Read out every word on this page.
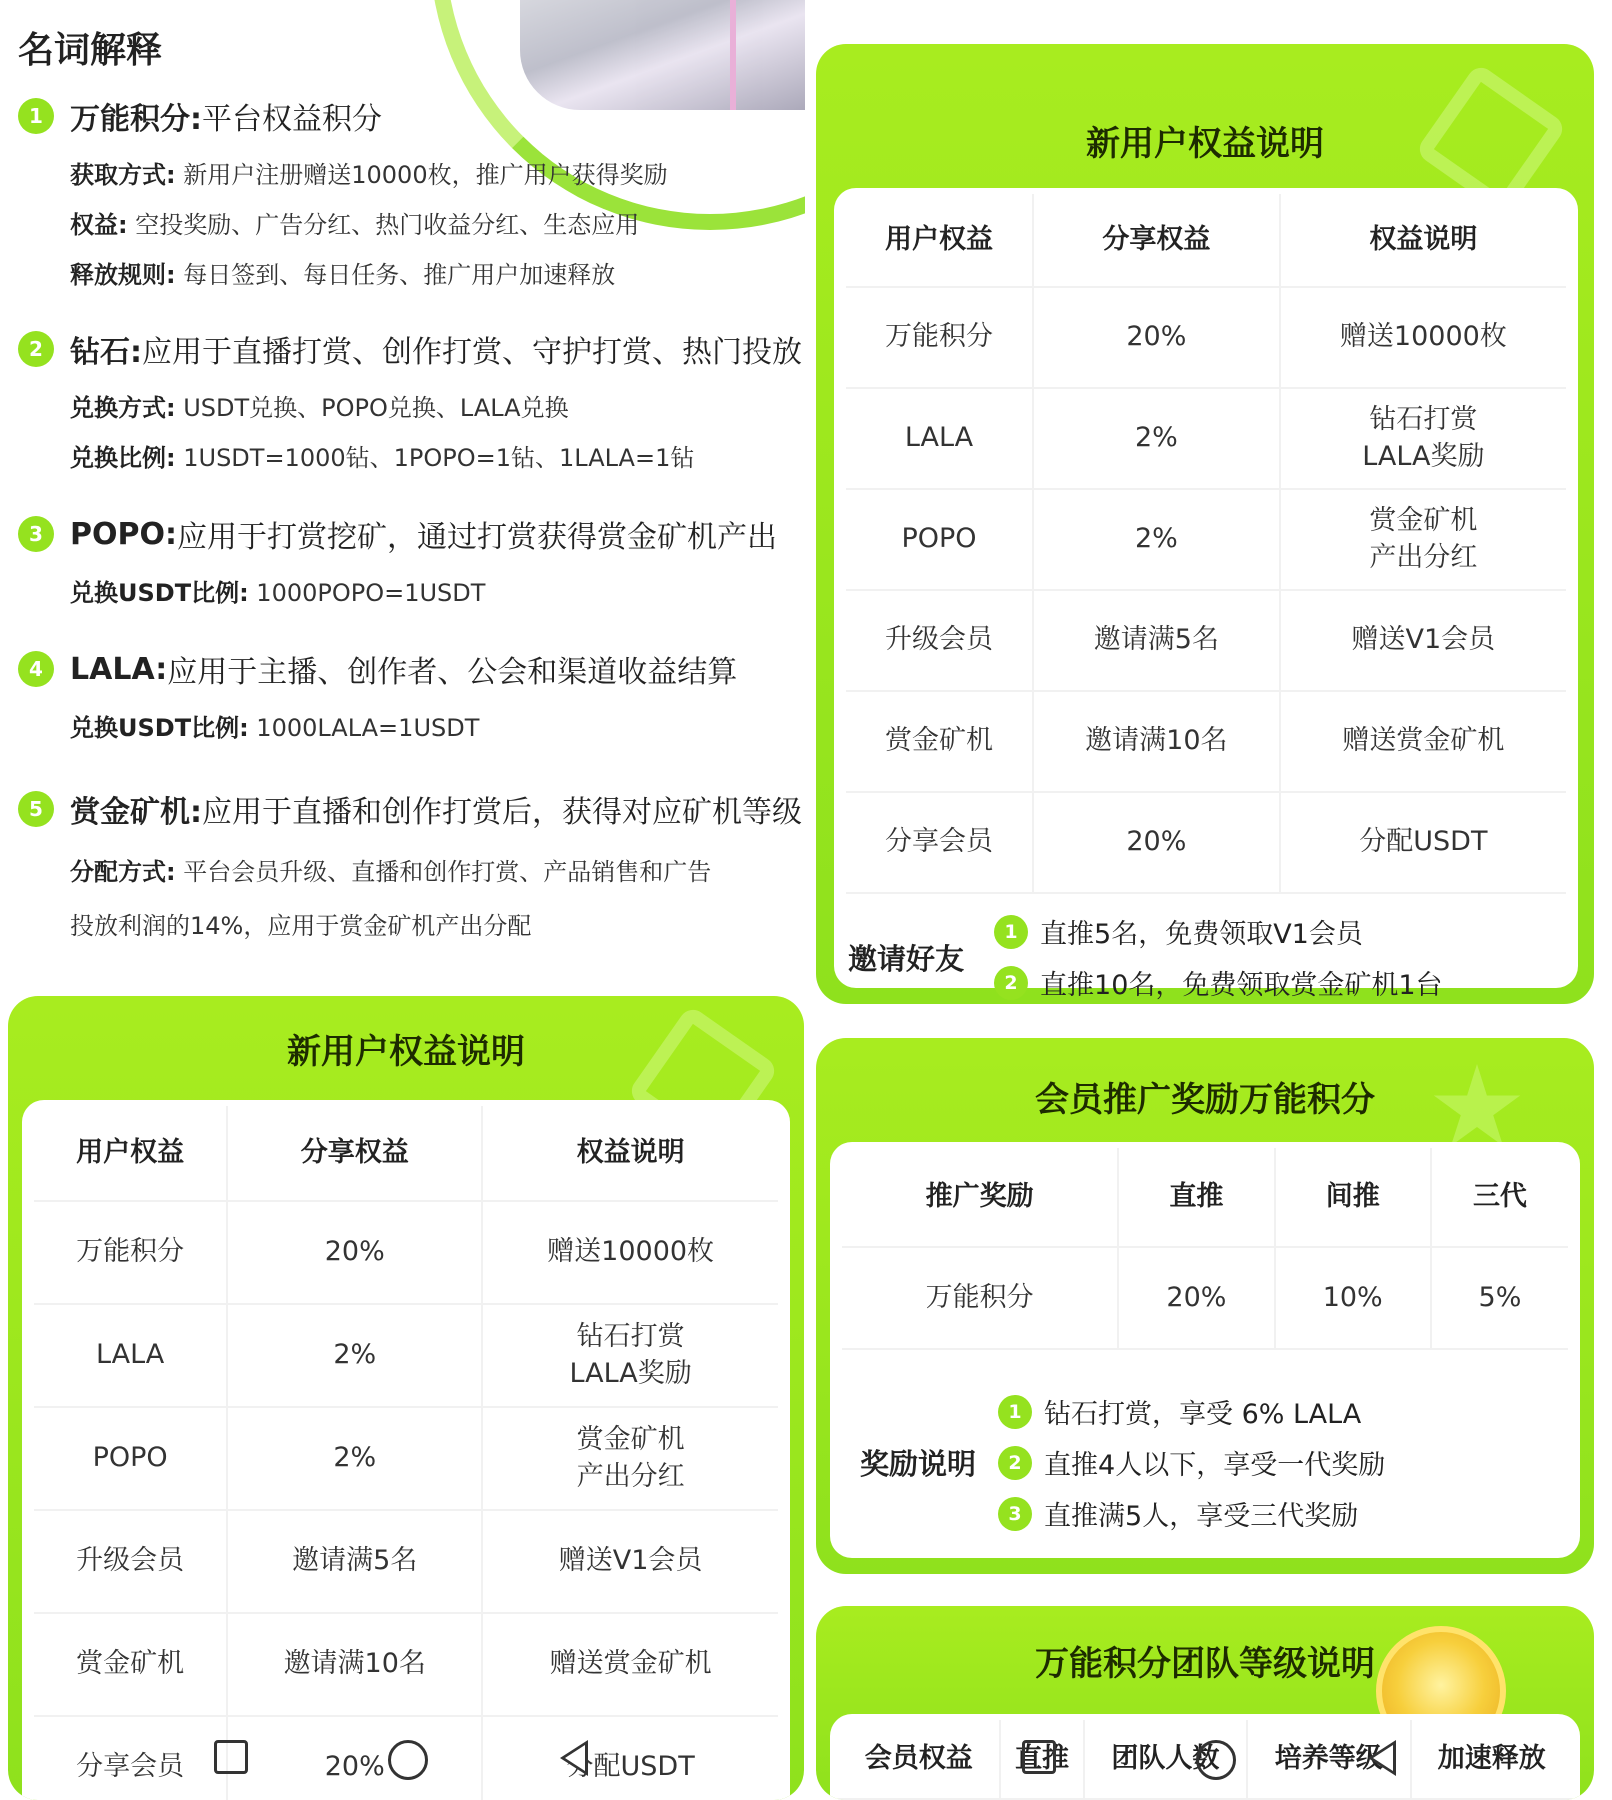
名词解释
1 万能积分: 平台权益积分
获取方式: 新用户注册赠送10000枚，推广用户获得奖励
权益: 空投奖励、广告分红、热门收益分红、生态应用
释放规则: 每日签到、每日任务、推广用户加速释放
2 钻石: 应用于直播打赏、创作打赏、守护打赏、热门投放
兑换方式: USDT兑换、POPO兑换、LALA兑换
兑换比例: 1USDT=1000钻、1POPO=1钻、1LALA=1钻
3 POPO: 应用于打赏挖矿，通过打赏获得赏金矿机产出
兑换USDT比例: 1000POPO=1USDT
4 LALA: 应用于主播、创作者、公会和渠道收益结算
兑换USDT比例: 1000LALA=1USDT
5 赏金矿机: 应用于直播和创作打赏后，获得对应矿机等级
分配方式: 平台会员升级、直播和创作打赏、产品销售和广告
投放利润的14%，应用于赏金矿机产出分配
新用户权益说明
用户权益	分享权益	权益说明
万能积分	20%	赠送10000枚
LALA	2%	钻石打赏
LALA奖励
POPO	2%	赏金矿机
产出分红
升级会员	邀请满5名	赠送V1会员
赏金矿机	邀请满10名	赠送赏金矿机
分享会员	20%	分配USDT
邀请好友
1 直推5名，免费领取V1会员
2 直推10名，免费领取赏金矿机1台
新用户权益说明
用户权益	分享权益	权益说明
万能积分	20%	赠送10000枚
LALA	2%	钻石打赏
LALA奖励
POPO	2%	赏金矿机
产出分红
升级会员	邀请满5名	赠送V1会员
赏金矿机	邀请满10名	赠送赏金矿机
分享会员	20%	分配USDT
会员推广奖励万能积分
推广奖励	直推	间推	三代
万能积分	20%	10%	5%
奖励说明
1 钻石打赏，享受 6% LALA
2 直推4人以下，享受一代奖励
3 直推满5人，享受三代奖励
万能积分团队等级说明
会员权益	直推	团队人数	培养等级	加速释放
